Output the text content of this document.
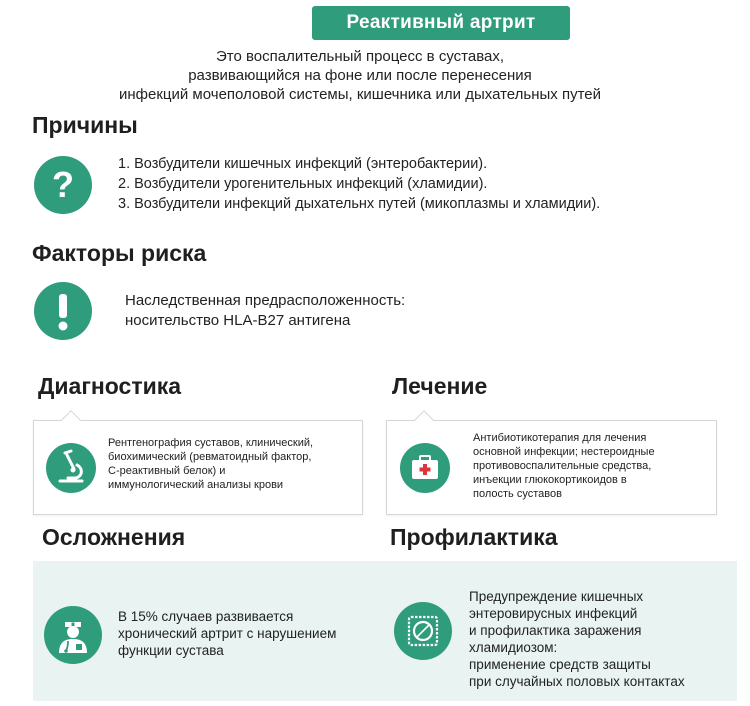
Реактивный артрит
Это воспалительный процесс в суставах,
развивающийся на фоне или после перенесения
инфекций мочеполовой системы, кишечника или дыхательных путей
Причины
?	1. Возбудители кишечных инфекций (энтеробактерии).
2. Возбудители урогенительных инфекций (хламидии).
3. Возбудители инфекций дыхательнх путей (микоплазмы и хламидии).
Факторы риска
Наследственная предрасположенность:
носительство HLA-B27 антигена
Диагностика
Рентгенография суставов, клинический,
биохимический (ревматоидный фактор,
С-реактивный белок) и
иммунологический анализы крови
Лечение
Антибиотикотерапия для лечения
основной инфекции; нестероидные
противовоспалительные средства,
инъекции глюкокортикоидов в
полость суставов
Осложнения	Профилактика
В 15% случаев развивается
хронический артрит с нарушением
функции сустава
Предупреждение кишечных
энтеровирусных инфекций
и профилактика заражения
хламидиозом:
применение средств защиты
при случайных половых контактах
